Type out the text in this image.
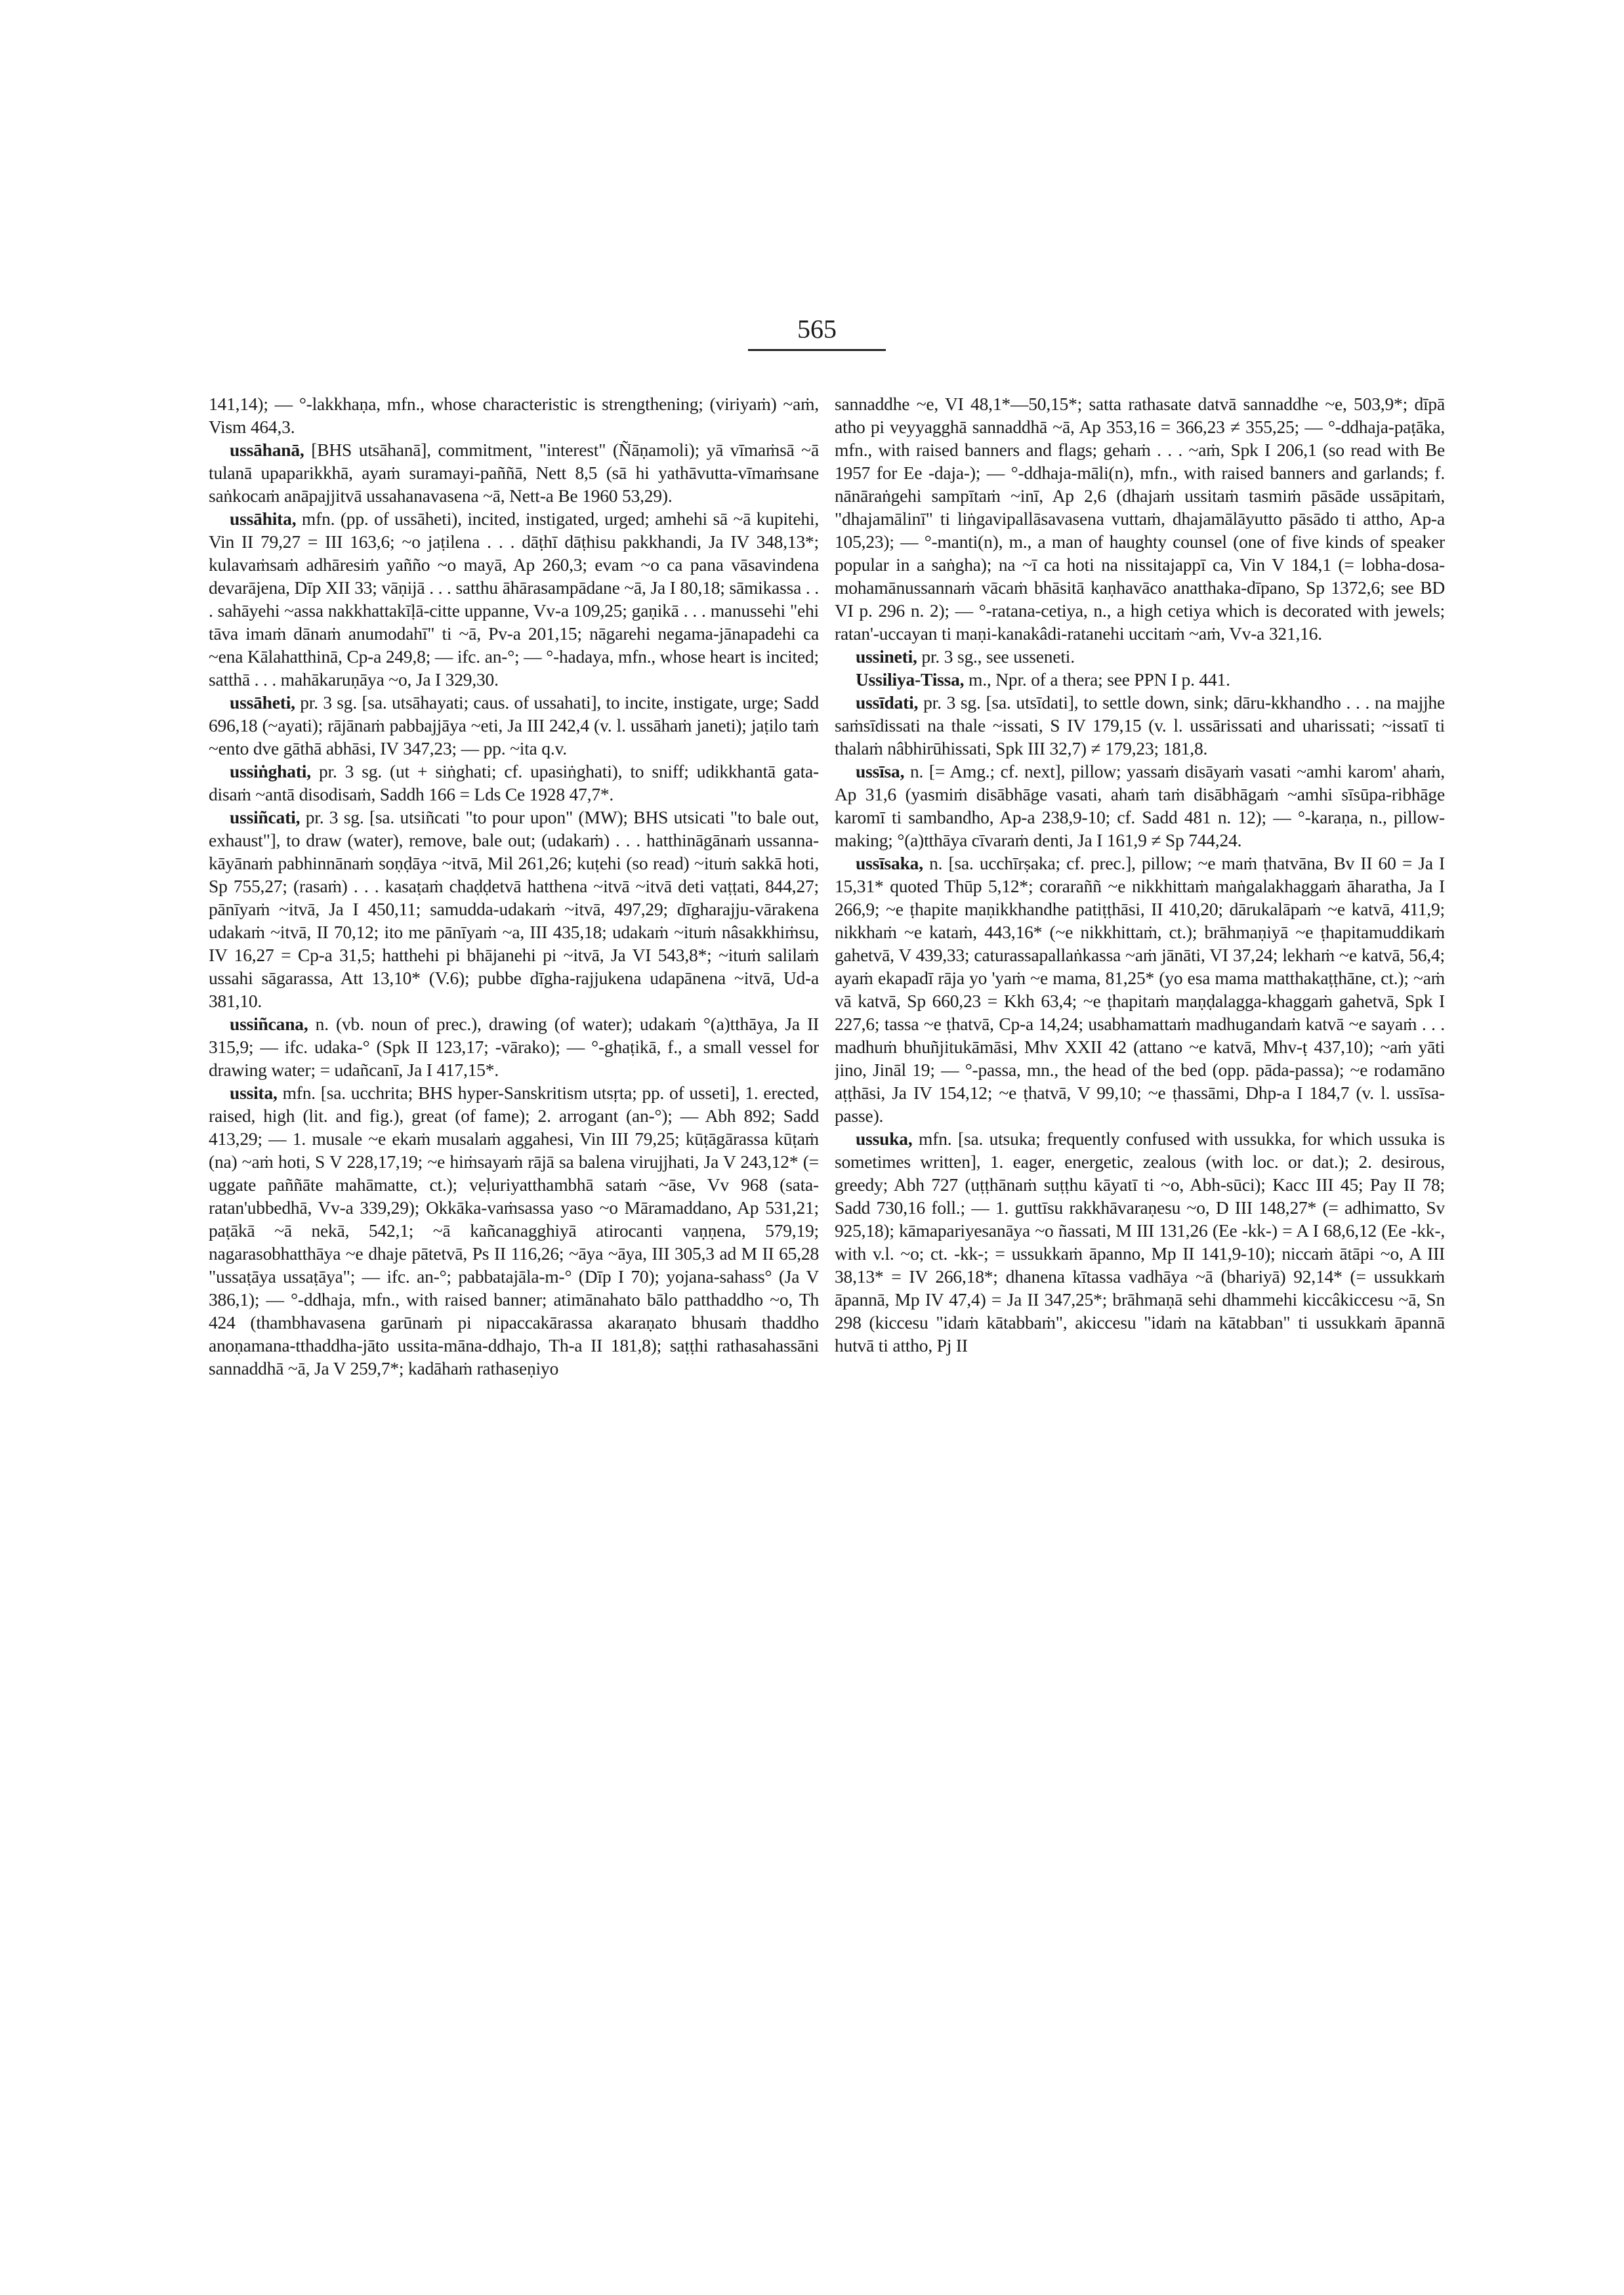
565

141,14); — °-lakkhaṇa, mfn., whose characteristic is strengthening; (viriyaṁ) ~aṁ, Vism 464,3.

ussāhanā, [BHS utsāhanā], commitment, "interest" (Ñāṇamoli); yā vīmaṁsā ~ā tulanā upaparikkhā, ayaṁ suramayi-paññā, Nett 8,5 (sā hi yathāvutta-vīmaṁsane saṅkocaṁ anāpajjitvā ussahanavasena ~ā, Nett-a Be 1960 53,29).

ussāhita, mfn. (pp. of ussāheti), incited, instigated, urged; amhehi sā ~ā kupitehi, Vin II 79,27 = III 163,6; ~o jaṭilena . . . dāṭhī dāṭhisu pakkhandi, Ja IV 348,13*; kulavaṁsaṁ adhāresiṁ yañño ~o mayā, Ap 260,3; evam ~o ca pana vāsavindena devarājena, Dīp XII 33; vāṇijā . . . satthu āhārasampādane ~ā, Ja I 80,18; sāmikassa . . . sahāyehi ~assa nakkhattakīḷā-citte uppanne, Vv-a 109,25; gaṇikā . . . manussehi "ehi tāva imaṁ dānaṁ anumodahī" ti ~ā, Pv-a 201,15; nāgarehi negama-jānapadehi ca ~ena Kālahatthinā, Cp-a 249,8; — ifc. an-°; — °-hadaya, mfn., whose heart is incited; satthā . . . mahākaruṇāya ~o, Ja I 329,30.

ussāheti, pr. 3 sg. [sa. utsāhayati; caus. of ussahati], to incite, instigate, urge; Sadd 696,18 (~ayati); rājānaṁ pabbajjāya ~eti, Ja III 242,4 (v. l. ussāhaṁ janeti); jaṭilo taṁ ~ento dve gāthā abhāsi, IV 347,23; — pp. ~ita q.v.

ussiṅghati, pr. 3 sg. (ut + siṅghati; cf. upasiṅghati), to sniff; udikkhantā gata-disaṁ ~antā disodisaṁ, Saddh 166 = Lds Ce 1928 47,7*.

ussiñcati, pr. 3 sg. [sa. utsiñcati "to pour upon" (MW); BHS utsicati "to bale out, exhaust"], to draw (water), remove, bale out; (udakaṁ) . . . hatthināgānaṁ ussanna-kāyānaṁ pabhinnānaṁ soṇḍāya ~itvā, Mil 261,26; kuṭehi (so read) ~ituṁ sakkā hoti, Sp 755,27; (rasaṁ) . . . kasaṭaṁ chaḍḍetvā hatthena ~itvā ~itvā deti vaṭṭati, 844,27; pānīyaṁ ~itvā, Ja I 450,11; samudda-udakaṁ ~itvā, 497,29; dīgharajju-vārakena udakaṁ ~itvā, II 70,12; ito me pānīyaṁ ~a, III 435,18; udakaṁ ~ituṁ nâsakkhiṁsu, IV 16,27 = Cp-a 31,5; hatthehi pi bhājanehi pi ~itvā, Ja VI 543,8*; ~ituṁ salilaṁ ussahi sāgarassa, Att 13,10* (V.6); pubbe dīgha-rajjukena udapānena ~itvā, Ud-a 381,10.

ussiñcana, n. (vb. noun of prec.), drawing (of water); udakaṁ °(a)tthāya, Ja II 315,9; — ifc. udaka-° (Spk II 123,17; -vārako); — °-ghaṭikā, f., a small vessel for drawing water; = udañcanī, Ja I 417,15*.

ussita, mfn. [sa. ucchrita; BHS hyper-Sanskritism utsṛta; pp. of usseti], 1. erected, raised, high (lit. and fig.), great (of fame); 2. arrogant (an-°); — Abh 892; Sadd 413,29; — 1. musale ~e ekaṁ musalaṁ aggahesi, Vin III 79,25; kūṭāgārassa kūṭaṁ (na) ~aṁ hoti, S V 228,17,19; ~e hiṁsayaṁ rājā sa balena virujjhati, Ja V 243,12* (= uggate paññāte mahāmatte, ct.); veḷuriyatthambhā sataṁ ~āse, Vv 968 (sata-ratan'ubbedhā, Vv-a 339,29); Okkāka-vaṁsassa yaso ~o Māramaddano, Ap 531,21; paṭākā ~ā nekā, 542,1; ~ā kañcanagghiyā atirocanti vaṇṇena, 579,19; nagarasobhatthāya ~e dhaje pātetvā, Ps II 116,26; ~āya ~āya, III 305,3 ad M II 65,28 "ussaṭāya ussaṭāya"; — ifc. an-°; pabbatajāla-m-° (Dīp I 70); yojana-sahass° (Ja V 386,1); — °-ddhaja, mfn., with raised banner; atimānahato bālo patthaddho ~o, Th 424 (thambhavasena garūnaṁ pi nipaccakārassa akaraṇato bhusaṁ thaddho anoṇamana-tthaddha-jāto ussita-māna-ddhajo, Th-a II 181,8); saṭṭhi rathasahassāni sannaddhā ~ā, Ja V 259,7*; kadāhaṁ rathaseṇiyo

sannaddhe ~e, VI 48,1*—50,15*; satta rathasate datvā sannaddhe ~e, 503,9*; dīpā atho pi veyyagghā sannaddhā ~ā, Ap 353,16 = 366,23 ≠ 355,25; — °-ddhaja-paṭāka, mfn., with raised banners and flags; gehaṁ . . . ~aṁ, Spk I 206,1 (so read with Be 1957 for Ee -daja-); — °-ddhaja-māli(n), mfn., with raised banners and garlands; f. nānāraṅgehi sampītaṁ ~inī, Ap 2,6 (dhajaṁ ussitaṁ tasmiṁ pāsāde ussāpitaṁ, "dhajamālinī" ti liṅgavipallāsavasena vuttaṁ, dhajamālāyutto pāsādo ti attho, Ap-a 105,23); — °-manti(n), m., a man of haughty counsel (one of five kinds of speaker popular in a saṅgha); na ~ī ca hoti na nissitajappī ca, Vin V 184,1 (= lobha-dosa-mohamānussannaṁ vācaṁ bhāsitā kaṇhavāco anatthaka-dīpano, Sp 1372,6; see BD VI p. 296 n. 2); — °-ratana-cetiya, n., a high cetiya which is decorated with jewels; ratan'-uccayan ti maṇi-kanakâdi-ratanehi uccitaṁ ~aṁ, Vv-a 321,16.

ussineti, pr. 3 sg., see usseneti.

Ussiliya-Tissa, m., Npr. of a thera; see PPN I p. 441.

ussīdati, pr. 3 sg. [sa. utsīdati], to settle down, sink; dāru-kkhandho . . . na majjhe saṁsīdissati na thale ~issati, S IV 179,15 (v. l. ussārissati and uharissati; ~issatī ti thalaṁ nâbhirūhissati, Spk III 32,7) ≠ 179,23; 181,8.

ussīsa, n. [= Amg.; cf. next], pillow; yassaṁ disāyaṁ vasati ~amhi karom' ahaṁ, Ap 31,6 (yasmiṁ disābhāge vasati, ahaṁ taṁ disābhāgaṁ ~amhi sīsūpa-ribhāge karomī ti sambandho, Ap-a 238,9-10; cf. Sadd 481 n. 12); — °-karaṇa, n., pillow-making; °(a)tthāya cīvaraṁ denti, Ja I 161,9 ≠ Sp 744,24.

ussīsaka, n. [sa. ucchīrṣaka; cf. prec.], pillow; ~e maṁ ṭhatvāna, Bv II 60 = Ja I 15,31* quoted Thūp 5,12*; coraraññ ~e nikkhittaṁ maṅgalakhaggaṁ āharatha, Ja I 266,9; ~e ṭhapite maṇikkhandhe patiṭṭhāsi, II 410,20; dārukalāpaṁ ~e katvā, 411,9; nikkhaṁ ~e kataṁ, 443,16* (~e nikkhittaṁ, ct.); brāhmaṇiyā ~e ṭhapitamuddikaṁ gahetvā, V 439,33; caturassapallaṅkassa ~aṁ jānāti, VI 37,24; lekhaṁ ~e katvā, 56,4; ayaṁ ekapadī rāja yo 'yaṁ ~e mama, 81,25* (yo esa mama matthakaṭṭhāne, ct.); ~aṁ vā katvā, Sp 660,23 = Kkh 63,4; ~e ṭhapitaṁ maṇḍalagga-khaggaṁ gahetvā, Spk I 227,6; tassa ~e ṭhatvā, Cp-a 14,24; usabhamattaṁ madhugandaṁ katvā ~e sayaṁ . . . madhuṁ bhuñjitukāmāsi, Mhv XXII 42 (attano ~e katvā, Mhv-ṭ 437,10); ~aṁ yāti jino, Jināl 19; — °-passa, mn., the head of the bed (opp. pāda-passa); ~e rodamāno aṭṭhāsi, Ja IV 154,12; ~e ṭhatvā, V 99,10; ~e ṭhassāmi, Dhp-a I 184,7 (v. l. ussīsa-passe).

ussuka, mfn. [sa. utsuka; frequently confused with ussukka, for which ussuka is sometimes written], 1. eager, energetic, zealous (with loc. or dat.); 2. desirous, greedy; Abh 727 (uṭṭhānaṁ suṭṭhu kāyatī ti ~o, Abh-sūci); Kacc III 45; Pay II 78; Sadd 730,16 foll.; — 1. guttīsu rakkhāvaraṇesu ~o, D III 148,27* (= adhimatto, Sv 925,18); kāmapariyesanāya ~o ñassati, M III 131,26 (Ee -kk-) = A I 68,6,12 (Ee -kk-, with v.l. ~o; ct. -kk-; = ussukkaṁ āpanno, Mp II 141,9-10); niccaṁ ātāpi ~o, A III 38,13* = IV 266,18*; dhanena kītassa vadhāya ~ā (bhariyā) 92,14* (= ussukkaṁ āpannā, Mp IV 47,4) = Ja II 347,25*; brāhmaṇā sehi dhammehi kiccâkiccesu ~ā, Sn 298 (kiccesu "idaṁ kātabbaṁ", akiccesu "idaṁ na kātabban" ti ussukkaṁ āpannā hutvā ti attho, Pj II
